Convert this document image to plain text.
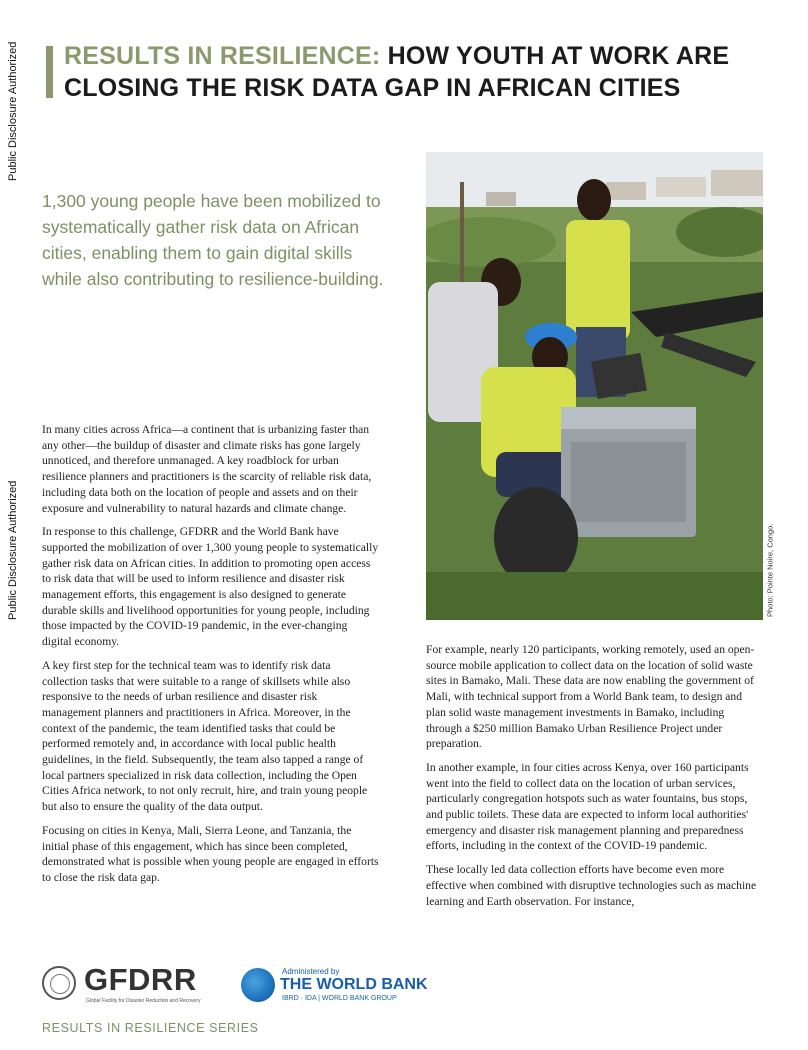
Public Disclosure Authorized
Public Disclosure Authorized
RESULTS IN RESILIENCE: HOW YOUTH AT WORK ARE CLOSING THE RISK DATA GAP IN AFRICAN CITIES
1,300 young people have been mobilized to systematically gather risk data on African cities, enabling them to gain digital skills while also contributing to resilience-building.
Photo: Pointe Noire, Congo.

In many cities across Africa—a continent that is urbanizing faster than any other—the buildup of disaster and climate risks has gone largely unnoticed, and therefore unmanaged. A key roadblock for urban resilience planners and practitioners is the scarcity of reliable risk data, including data both on the location of people and assets and on their exposure and vulnerability to natural hazards and climate change.

In response to this challenge, GFDRR and the World Bank have supported the mobilization of over 1,300 young people to systematically gather risk data on African cities. In addition to promoting open access to risk data that will be used to inform resilience and disaster risk management efforts, this engagement is also designed to generate durable skills and livelihood opportunities for young people, including those impacted by the COVID-19 pandemic, in the ever-changing digital economy.

A key first step for the technical team was to identify risk data collection tasks that were suitable to a range of skillsets while also responsive to the needs of urban resilience and disaster risk management planners and practitioners in Africa. Moreover, in the context of the pandemic, the team identified tasks that could be performed remotely and, in accordance with local public health guidelines, in the field. Subsequently, the team also tapped a range of local partners specialized in risk data collection, including the Open Cities Africa network, to not only recruit, hire, and train young people but also to ensure the quality of the data output.

Focusing on cities in Kenya, Mali, Sierra Leone, and Tanzania, the initial phase of this engagement, which has since been completed, demonstrated what is possible when young people are engaged in efforts to close the risk data gap.

For example, nearly 120 participants, working remotely, used an open-source mobile application to collect data on the location of solid waste sites in Bamako, Mali. These data are now enabling the government of Mali, with technical support from a World Bank team, to design and plan solid waste management investments in Bamako, including through a $250 million Bamako Urban Resilience Project under preparation.

In another example, in four cities across Kenya, over 160 participants went into the field to collect data on the location of urban services, particularly congregation hotspots such as water fountains, bus stops, and public toilets. These data are expected to inform local authorities' emergency and disaster risk management planning and preparedness efforts, including in the context of the COVID-19 pandemic.

These locally led data collection efforts have become even more effective when combined with disruptive technologies such as machine learning and Earth observation. For instance,

GFDRR
Global Facility for Disaster Reduction and Recovery
Administered by
THE WORLD BANK
IBRD · IDA | WORLD BANK GROUP
RESULTS IN RESILIENCE SERIES
